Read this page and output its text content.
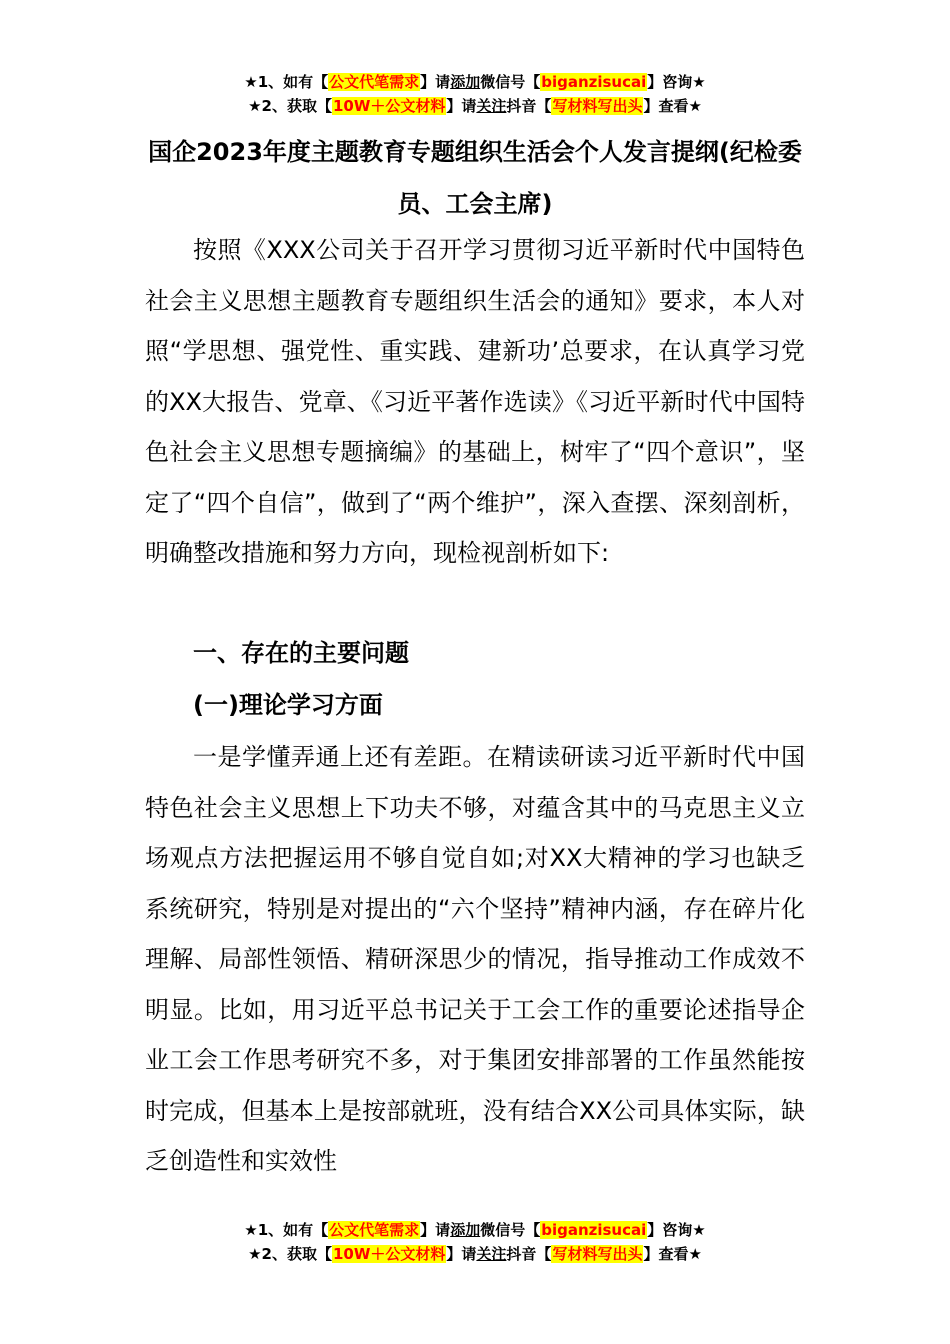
★1、如有【公文代笔需求】请添加微信号【biganzisucai】咨询★
★2、获取【10W＋公文材料】请关注抖音【写材料写出头】查看★
国企2023年度主题教育专题组织生活会个人发言提纲(纪检委员、工会主席)

按照《XXX公司关于召开学习贯彻习近平新时代中国特色社会主义思想主题教育专题组织生活会的通知》要求，本人对照“学思想、强党性、重实践、建新功’总要求，在认真学习党的XX大报告、党章、《习近平著作选读》《习近平新时代中国特色社会主义思想专题摘编》的基础上，树牢了“四个意识”，坚定了“四个自信”，做到了“两个维护”，深入查摆、深刻剖析，明确整改措施和努力方向，现检视剖析如下:

一、存在的主要问题
(一)理论学习方面

一是学懂弄通上还有差距。在精读研读习近平新时代中国特色社会主义思想上下功夫不够，对蕴含其中的马克思主义立场观点方法把握运用不够自觉自如;对XX大精神的学习也缺乏系统研究，特别是对提出的“六个坚持”精神内涵，存在碎片化理解、局部性领悟、精研深思少的情况，指导推动工作成效不明显。比如，用习近平总书记关于工会工作的重要论述指导企业工会工作思考研究不多，对于集团安排部署的工作虽然能按时完成，但基本上是按部就班，没有结合XX公司具体实际，缺乏创造性和实效性

★1、如有【公文代笔需求】请添加微信号【biganzisucai】咨询★
★2、获取【10W＋公文材料】请关注抖音【写材料写出头】查看★
